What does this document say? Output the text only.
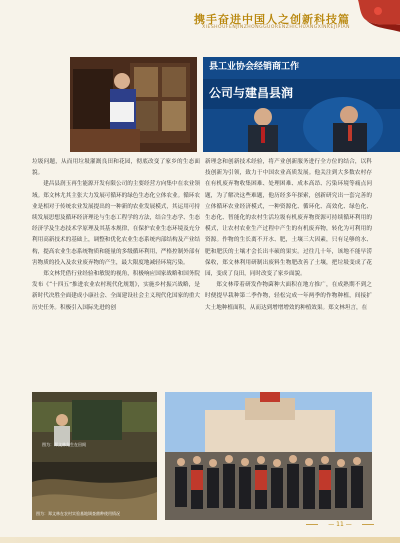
携手奋进中国人之创新科技篇
XIESHOUFENJINZHONGGUORENZHICHUANGXINKEJIPIAN
县工业协会经销商工作
公司与建昌县润

垃圾问题，从而用垃圾灌溉良田和花园，彻底改变了家乡的生态面貌。

建昌县润玉再生能源开发有限公司的主要经营方向集中在农业领域。郑文林尤其主张大力发展可循环的绿色生态化立体农业。循环农业是相对于传统农业发展提出的一种新的农业发展模式，其运用可持续发展思想及循环经济理论与生态工程学的方法，结合生态学、生态经济学及生态技术学原理及其基本规律，在保护农业生态环境及充分利用高新技术的基础上，调整和优化农业生态系统内部结构及产业结构，提高农业生态系统物质和能量的多级循环利用，严格控制外部有害物质的投入及农业废弃物的产生，最大限度地减轻环境污染。

郑文林凭借行业经验和敏锐的视角，积极响应国家战略和国务院发布《“十四五”推进农业农村现代化规划》，实施乡村振兴战略，是新时代决胜全面建成小康社会、全面建设社会主义现代化国家的重大历史任务。积极引入国际先进的创

新理念和创新技术经验，将产业创新服务进行全方位的结合，以科技创新为引领，致力于中国农业高质发展。他关注到大多数农村存在有机废弃物收集困难、处理困难、成本高昂、污染环境等痛点问题，为了解决这些难题，他历经多年探索，创新研究出一套完善的立体循环农业经济模式，一种资源化、循环化、高效化、绿色化、生态化、智能化的农村生活垃圾有机废弃物资源可持续循环利用的模式，让农村农业生产过程中产生的有机废弃物，转化为可利用的资源。作物的生长离不开水、肥，土壤三大因素，只有足够的水、肥和肥沃的土壤才会长出丰硕的果实。过往几十年，该地不能早涝保收，郑文林利用研制出废料生物肥改善了土壤，把垃圾变成了花园，变成了良田，同时改变了家乡面貌。

郑文林带着研发作物菌种大面积在地方推广，在成熟期不到之时便提早栽种第二季作物，轻松完成一年两季的作物种植，间接扩大土地种植面积，从而达到增增增效的种植效果。郑文林坦言，在

图为：郑文林先生在田间
图为：郑文林在农村实验基地调查菌种使用情况
— 11 —
